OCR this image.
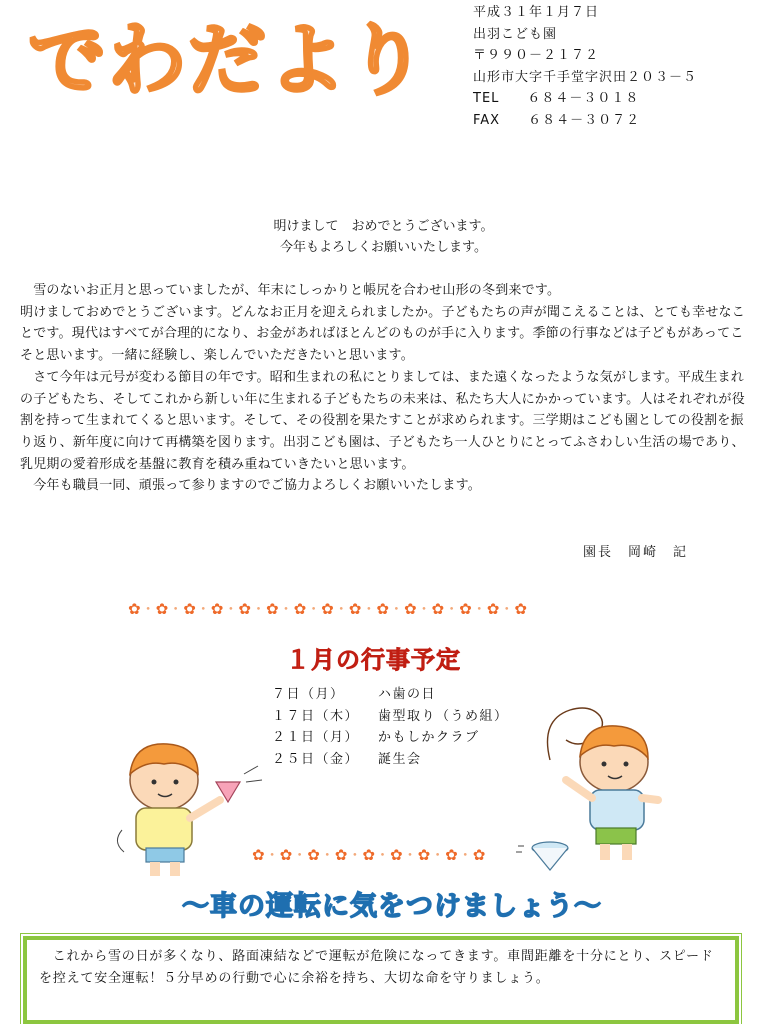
でわだより
平成３１年１月７日
出羽こども園
〒９９０－２１７２
山形市大字千手堂字沢田２０３－５
TEL　　６８４－３０１８
FAX　　６８４－３０７２
明けまして　おめでとうございます。
今年もよろしくお願いいたします。

　雪のないお正月と思っていましたが、年末にしっかりと帳尻を合わせ山形の冬到来です。

明けましておめでとうございます。どんなお正月を迎えられましたか。子どもたちの声が聞こえることは、とても幸せなことです。現代はすべてが合理的になり、お金があればほとんどのものが手に入ります。季節の行事などは子どもがあってこそと思います。一緒に経験し、楽しんでいただきたいと思います。

　さて今年は元号が変わる節目の年です。昭和生まれの私にとりましては、また遠くなったような気がします。平成生まれの子どもたち、そしてこれから新しい年に生まれる子どもたちの未来は、私たち大人にかかっています。人はそれぞれが役割を持って生まれてくると思います。そして、その役割を果たすことが求められます。三学期はこども園としての役割を振り返り、新年度に向けて再構築を図ります。出羽こども園は、子どもたち一人ひとりにとってふさわしい生活の場であり、乳児期の愛着形成を基盤に教育を積み重ねていきたいと思います。

　今年も職員一同、頑張って参りますのでご協力よろしくお願いいたします。

園長　岡崎　記
✿・✿・✿・✿・✿・✿・✿・✿・✿・✿・✿・✿・✿・✿・✿
１月の行事予定
７日（月）	ハ歯の日
１７日（木）	歯型取り（うめ組）
２１日（月）	かもしかクラブ
２５日（金）	誕生会
✿・✿・✿・✿・✿・✿・✿・✿・✿
～車の運転に気をつけましょう～
　これから雪の日が多くなり、路面凍結などで運転が危険になってきます。車間距離を十分にとり、スピードを控えて安全運転！５分早めの行動で心に余裕を持ち、大切な命を守りましょう。
